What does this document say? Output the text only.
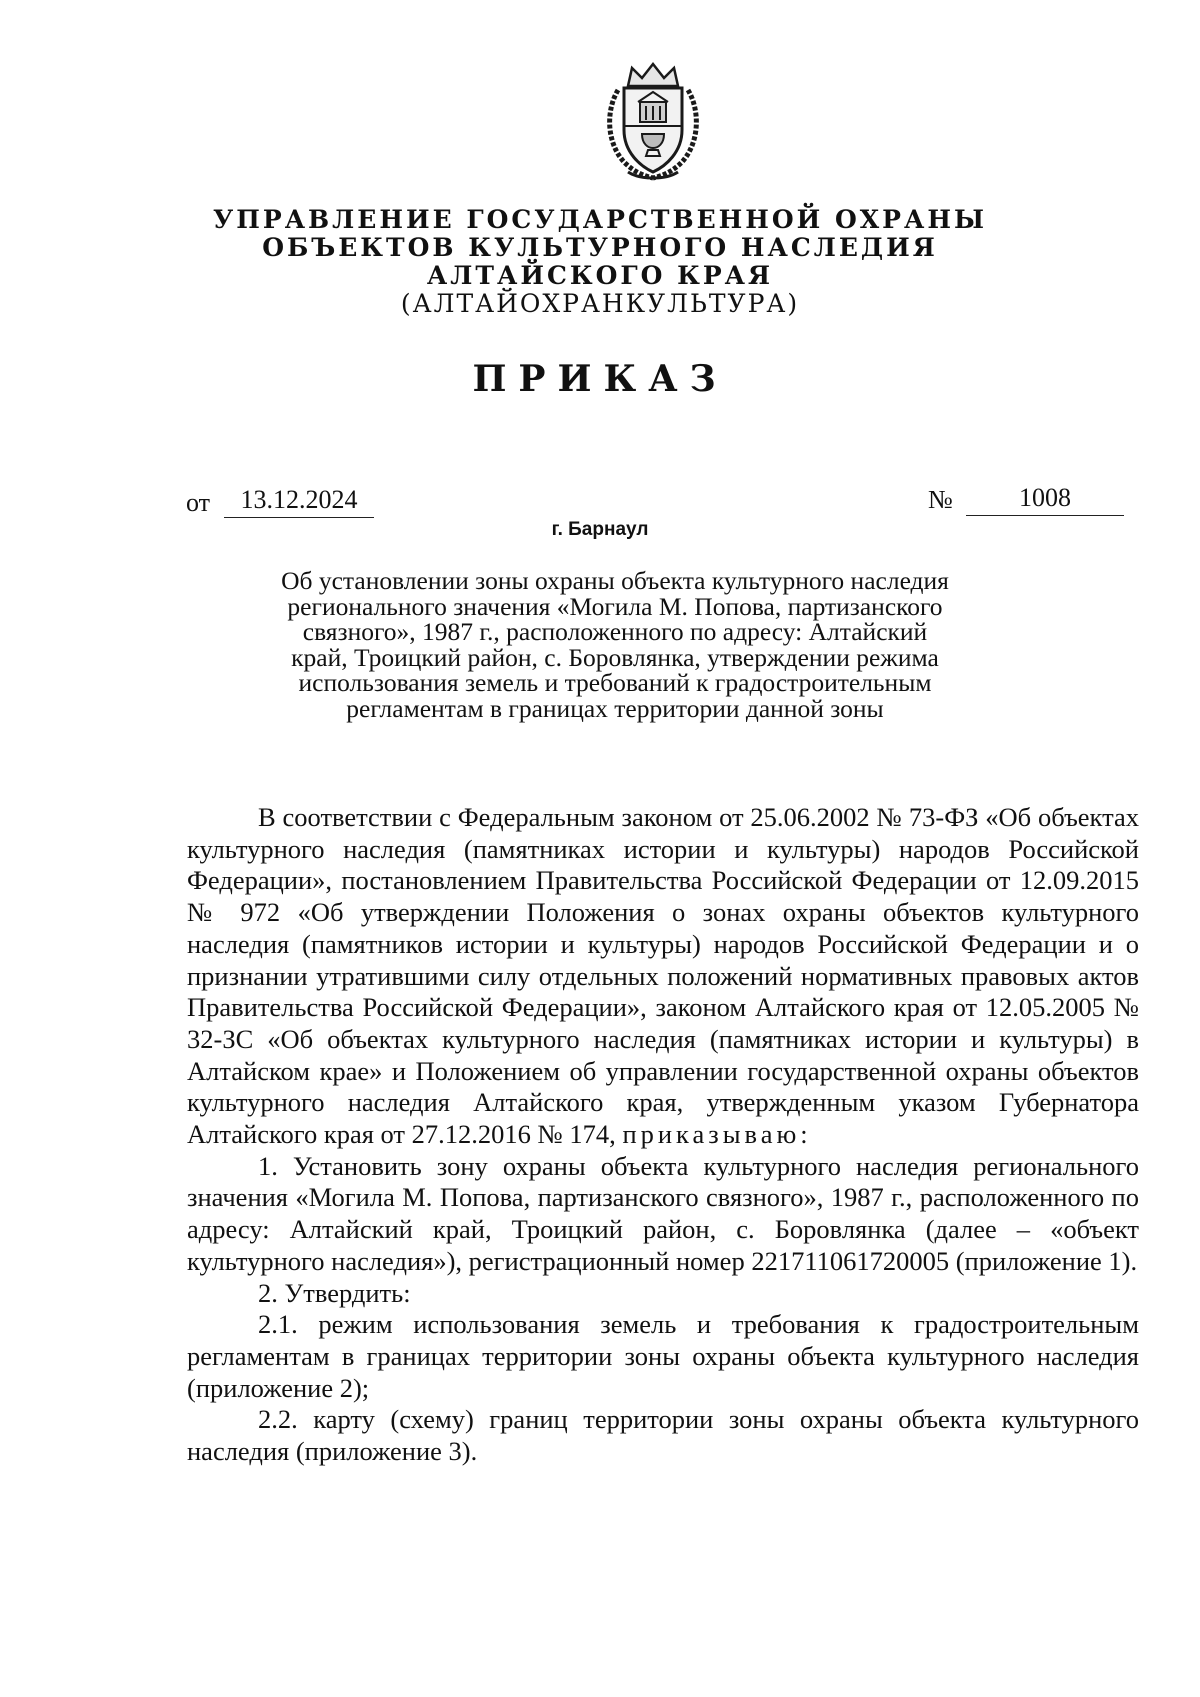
УПРАВЛЕНИЕ ГОСУДАРСТВЕННОЙ ОХРАНЫ
ОБЪЕКТОВ КУЛЬТУРНОГО НАСЛЕДИЯ
АЛТАЙСКОГО КРАЯ
(АЛТАЙОХРАНКУЛЬТУРА)
ПРИКАЗ
от	13.12.2024	№	1008
г. Барнаул
Об установлении зоны охраны объекта культурного наследия
регионального значения «Могила М. Попова, партизанского
связного», 1987 г., расположенного по адресу: Алтайский
край, Троицкий район, с. Боровлянка, утверждении режима
использования земель и требований к градостроительным
регламентам в границах территории данной зоны

В соответствии с Федеральным законом от 25.06.2002 № 73-ФЗ «Об объектах культурного наследия (памятниках истории и культуры) народов Российской Федерации», постановлением Правительства Российской Федерации от 12.09.2015 № 972 «Об утверждении Положения о зонах охраны объектов культурного наследия (памятников истории и культуры) народов Российской Федерации и о признании утратившими силу отдельных положений нормативных правовых актов Правительства Российской Федерации», законом Алтайского края от 12.05.2005 № 32-ЗС «Об объектах культурного наследия (памятниках истории и культуры) в Алтайском крае» и Положением об управлении государственной охраны объектов культурного наследия Алтайского края, утвержденным указом Губернатора Алтайского края от 27.12.2016 № 174, приказываю:

1. Установить зону охраны объекта культурного наследия регионального значения «Могила М. Попова, партизанского связного», 1987 г., расположенного по адресу: Алтайский край, Троицкий район, с. Боровлянка (далее – «объект культурного наследия»), регистрационный номер 221711061720005 (приложение 1).

2. Утвердить:

2.1. режим использования земель и требования к градостроительным регламентам в границах территории зоны охраны объекта культурного наследия (приложение 2);

2.2. карту (схему) границ территории зоны охраны объекта культурного наследия (приложение 3).
